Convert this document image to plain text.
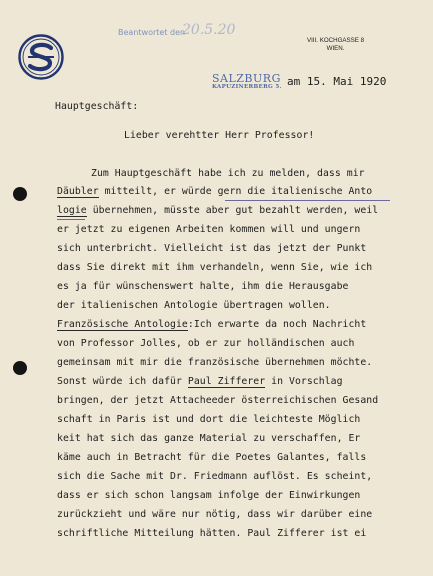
Beantwortet den
20.5.20
VIII. KOCHGASSE 8
WIEN.
SALZBURG
KAPUZINERBERG 5. am 15. Mai 1920
Hauptgeschäft:
Lieber verehtter Herr Professor!
Zum Hauptgeschäft habe ich zu melden, dass mir
Däubler mitteilt, er würde gern die italienische Anto
logie übernehmen, müsste aber gut bezahlt werden, weil
er jetzt zu eigenen Arbeiten kommen will und ungern
sich unterbricht. Vielleicht ist das jetzt der Punkt
dass Sie direkt mit ihm verhandeln, wenn Sie, wie ich
es ja für wünschenswert halte, ihm die Herausgabe
der italienischen Antologie übertragen wollen.
Französische Antologie:Ich erwarte da noch Nachricht
von Professor Jolles, ob er zur holländischen auch
gemeinsam mit mir die französische übernehmen möchte.
Sonst würde ich dafür Paul Zifferer in Vorschlag
bringen, der jetzt Attacheeder österreichischen Gesand
schaft in Paris ist und dort die leichteste Möglich
keit hat sich das ganze Material zu verschaffen, Er
käme auch in Betracht für die Poetes Galantes, falls
sich die Sache mit Dr. Friedmann auflöst. Es scheint,
dass er sich schon langsam infolge der Einwirkungen
zurückzieht und wäre nur nötig, dass wir darüber eine
schriftliche Mitteilung hätten. Paul Zifferer ist ei
